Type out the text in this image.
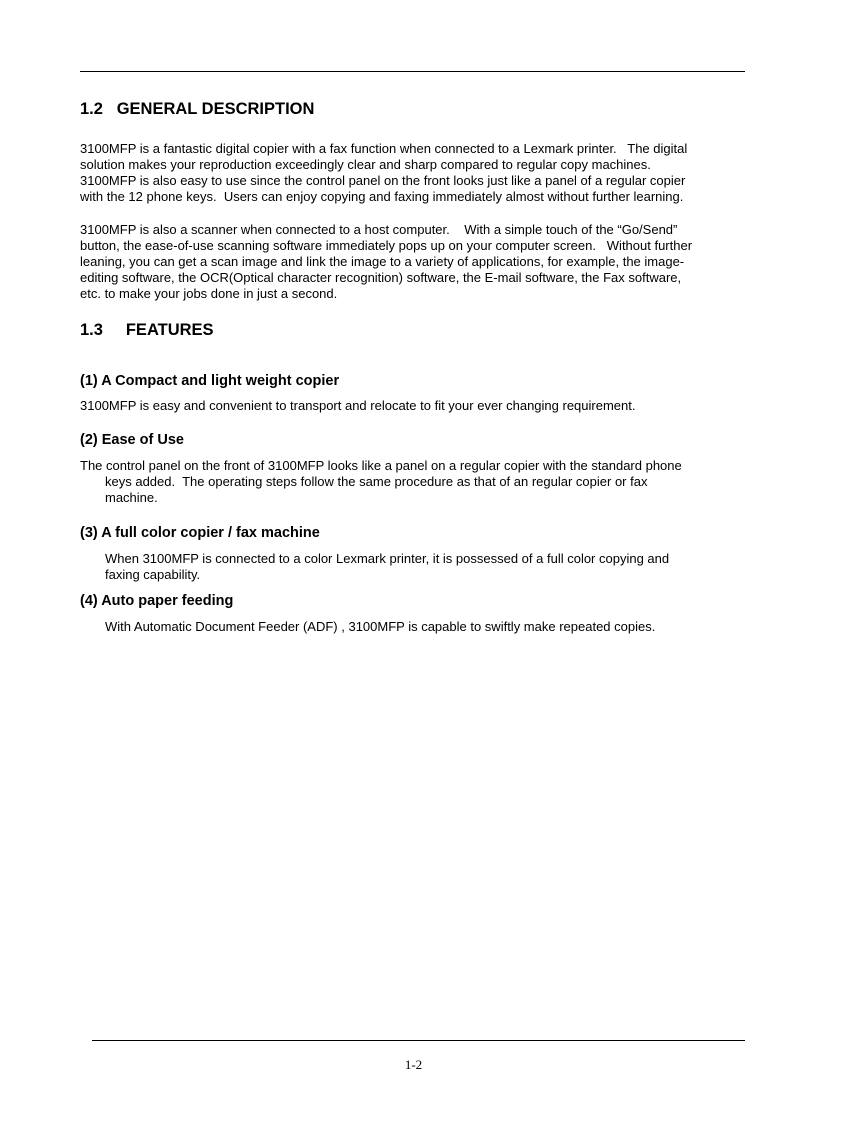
1.2   GENERAL DESCRIPTION
3100MFP is a fantastic digital copier with a fax function when connected to a Lexmark printer.   The digital
solution makes your reproduction exceedingly clear and sharp compared to regular copy machines.
3100MFP is also easy to use since the control panel on the front looks just like a panel of a regular copier
with the 12 phone keys.  Users can enjoy copying and faxing immediately almost without further learning.
3100MFP is also a scanner when connected to a host computer.    With a simple touch of the “Go/Send”
button, the ease-of-use scanning software immediately pops up on your computer screen.   Without further
leaning, you can get a scan image and link the image to a variety of applications, for example, the image-
editing software, the OCR(Optical character recognition) software, the E-mail software, the Fax software,
etc. to make your jobs done in just a second.
1.3     FEATURES
(1) A Compact and light weight copier
3100MFP is easy and convenient to transport and relocate to fit your ever changing requirement.
(2) Ease of Use
The control panel on the front of 3100MFP looks like a panel on a regular copier with the standard phone
keys added.  The operating steps follow the same procedure as that of an regular copier or fax
machine.
(3) A full color copier / fax machine
When 3100MFP is connected to a color Lexmark printer, it is possessed of a full color copying and
faxing capability.
(4) Auto paper feeding
With Automatic Document Feeder (ADF) , 3100MFP is capable to swiftly make repeated copies.
1-2
